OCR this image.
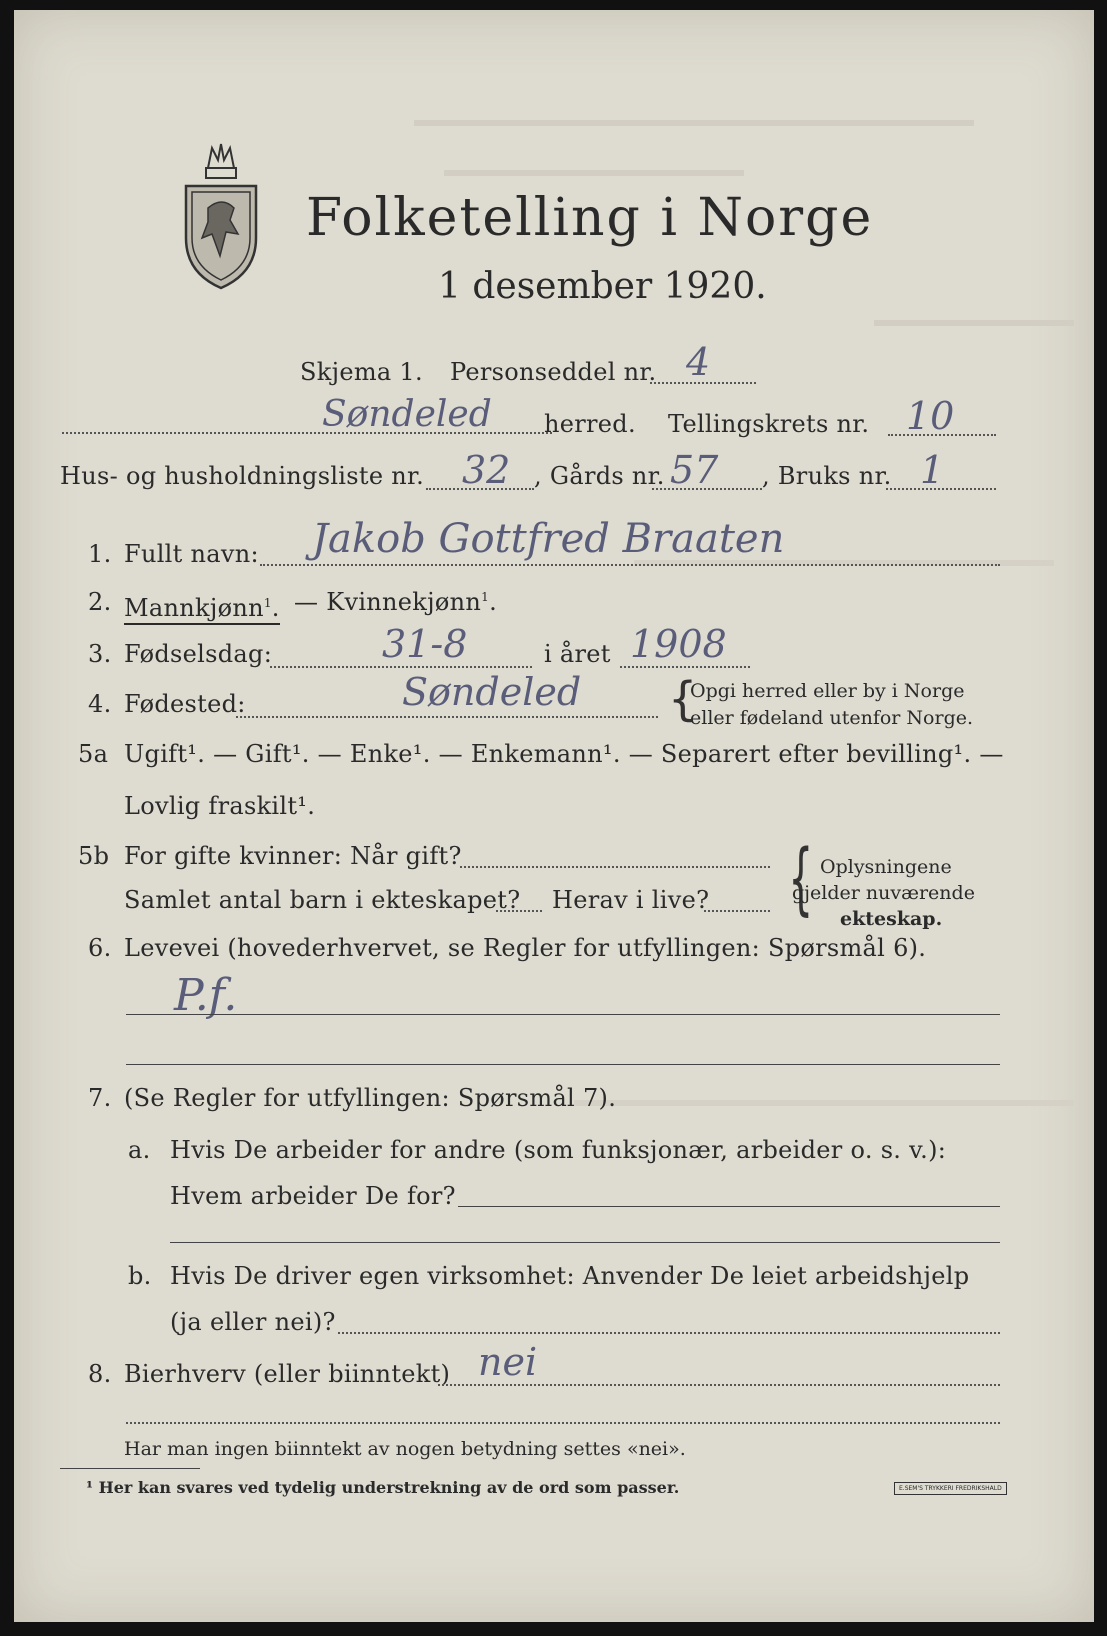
Folketelling i Norge
1 desember 1920.
Skjema 1. Personseddel nr. 4
Søndeled herred. Tellingskrets nr. 10
Hus- og husholdningsliste nr. 32 , Gårds nr. 57 , Bruks nr. 1
1. Fullt navn: Jakob Gottfred Braaten
2. Mannkjønn$^1$. — Kvinnekjønn$^1$.
3. Fødselsdag:	31-8	i året 1908
4. Fødested:	Søndeled {
Opgi herred eller by i Norge
eller fødeland utenfor Norge.
5a Ugift¹. — Gift¹. — Enke¹. — Enkemann¹. — Separert efter bevilling¹. —
Lovlig fraskilt¹.
5b For gifte kvinner: Når gift?
Samlet antal barn i ekteskapet? Herav i live? { Oplysningene
gjelder nuværende
ekteskap.
6. Levevei (hovederhvervet, se Regler for utfyllingen: Spørsmål 6).
P.f.
7. (Se Regler for utfyllingen: Spørsmål 7).
a. Hvis De arbeider for andre (som funksjonær, arbeider o. s. v.):
Hvem arbeider De for?
b. Hvis De driver egen virksomhet: Anvender De leiet arbeidshjelp
(ja eller nei)?
8. Bierhverv (eller biinntekt) nei
Har man ingen biinntekt av nogen betydning settes «nei».
¹ Her kan svares ved tydelig understrekning av de ord som passer.	E.SEM'S TRYKKERI FREDRIKSHALD
